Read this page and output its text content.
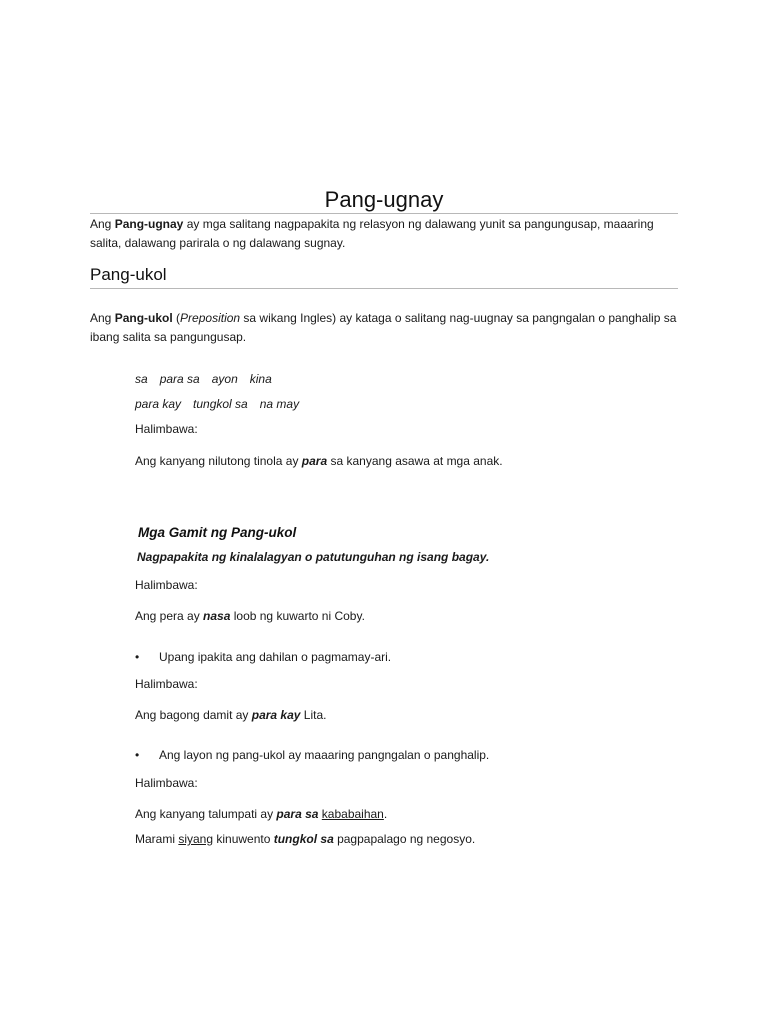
Pang-ugnay
Ang Pang-ugnay ay mga salitang nagpapakita ng relasyon ng dalawang yunit sa pangungusap, maaaring salita, dalawang parirala o ng dalawang sugnay.
Pang-ukol
Ang Pang-ukol (Preposition sa wikang Ingles) ay kataga o salitang nag-uugnay sa pangngalan o panghalip sa ibang salita sa pangungusap.
sa para sa ayon kina
para kay tungkol sa na may
Halimbawa:
Ang kanyang nilutong tinola ay para sa kanyang asawa at mga anak.
Mga Gamit ng Pang-ukol
Nagpapakita ng kinalalagyan o patutunguhan ng isang bagay.
Halimbawa:
Ang pera ay nasa loob ng kuwarto ni Coby.
• Upang ipakita ang dahilan o pagmamay-ari.
Halimbawa:
Ang bagong damit ay para kay Lita.
• Ang layon ng pang-ukol ay maaaring pangngalan o panghalip.
Halimbawa:
Ang kanyang talumpati ay para sa kababaihan.
Marami siyang kinuwento tungkol sa pagpapalago ng negosyo.
